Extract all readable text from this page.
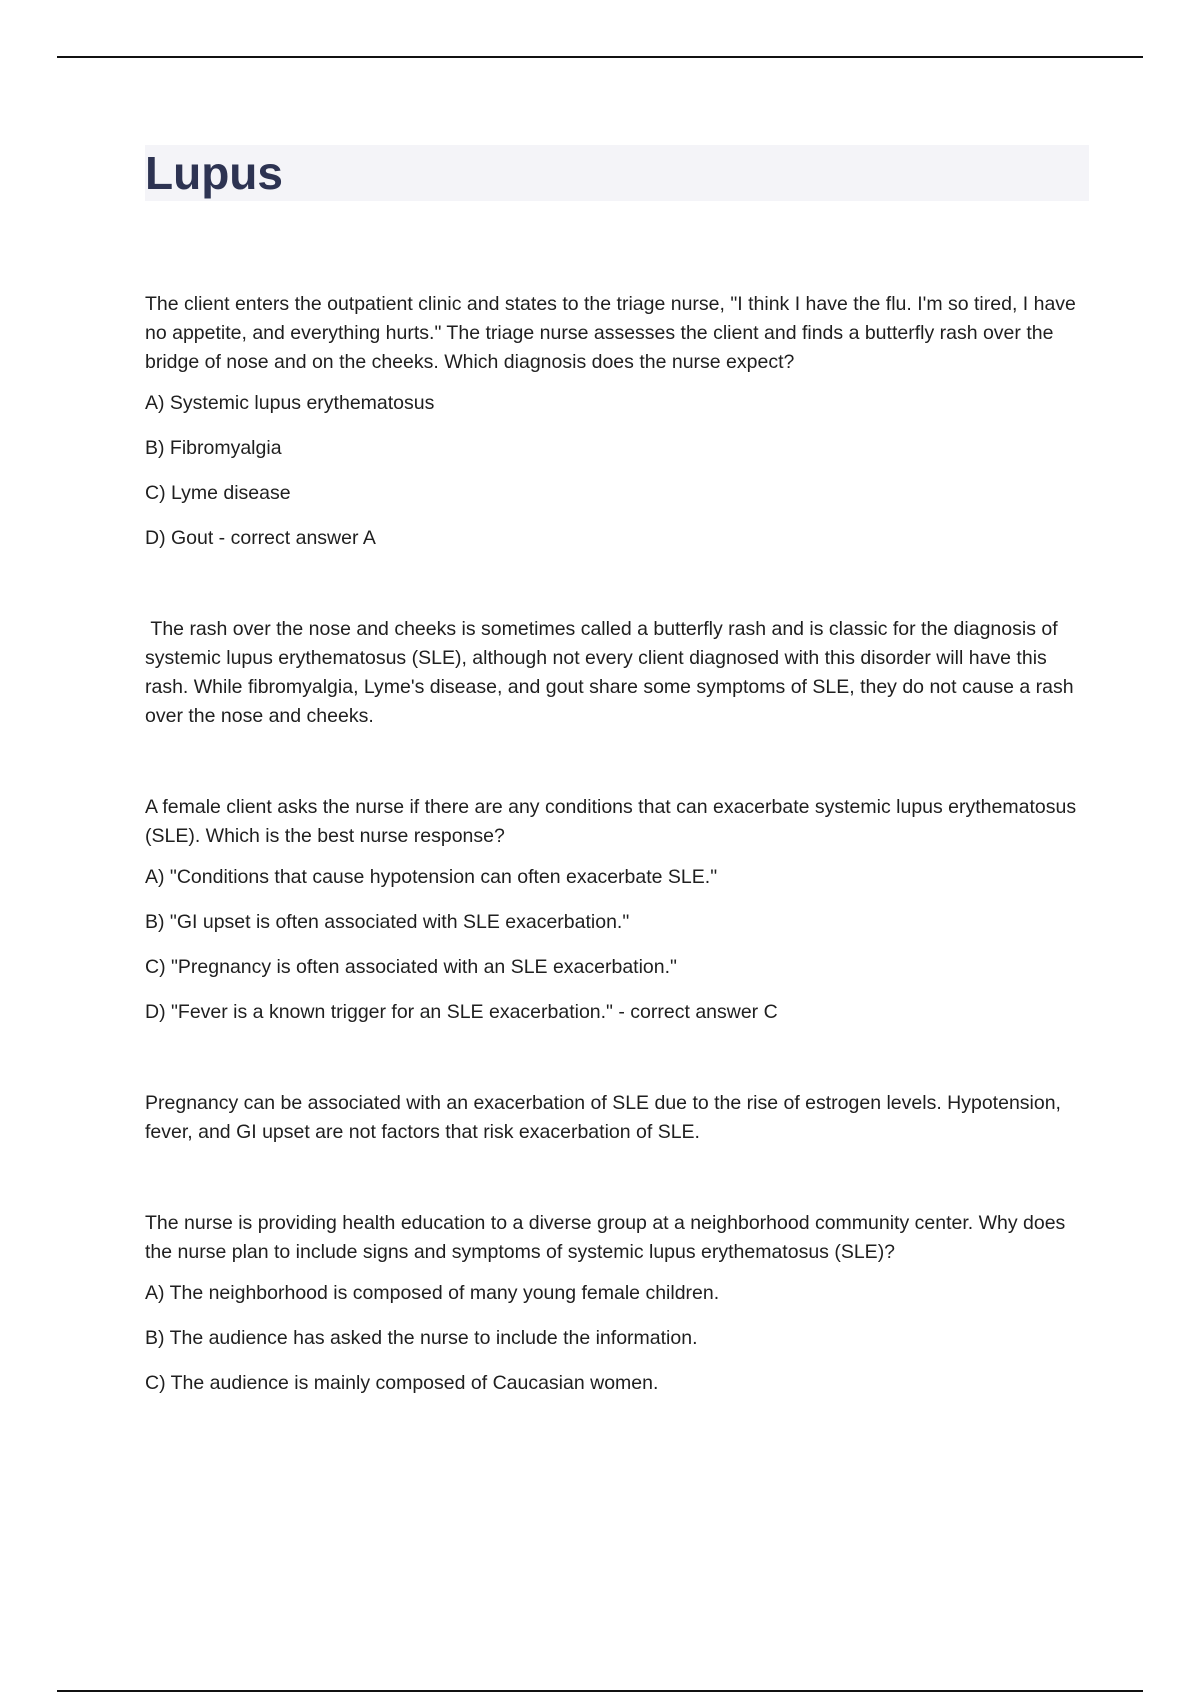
Lupus

The client enters the outpatient clinic and states to the triage nurse, "I think I have the flu. I'm so tired, I have no appetite, and everything hurts." The triage nurse assesses the client and finds a butterfly rash over the bridge of nose and on the cheeks. Which diagnosis does the nurse expect?

A) Systemic lupus erythematosus

B) Fibromyalgia

C) Lyme disease

D) Gout - correct answer A

The rash over the nose and cheeks is sometimes called a butterfly rash and is classic for the diagnosis of systemic lupus erythematosus (SLE), although not every client diagnosed with this disorder will have this rash. While fibromyalgia, Lyme's disease, and gout share some symptoms of SLE, they do not cause a rash over the nose and cheeks.

A female client asks the nurse if there are any conditions that can exacerbate systemic lupus erythematosus (SLE). Which is the best nurse response?

A) "Conditions that cause hypotension can often exacerbate SLE."

B) "GI upset is often associated with SLE exacerbation."

C) "Pregnancy is often associated with an SLE exacerbation."

D) "Fever is a known trigger for an SLE exacerbation." - correct answer C

Pregnancy can be associated with an exacerbation of SLE due to the rise of estrogen levels. Hypotension, fever, and GI upset are not factors that risk exacerbation of SLE.

The nurse is providing health education to a diverse group at a neighborhood community center. Why does the nurse plan to include signs and symptoms of systemic lupus erythematosus (SLE)?

A) The neighborhood is composed of many young female children.

B) The audience has asked the nurse to include the information.

C) The audience is mainly composed of Caucasian women.
